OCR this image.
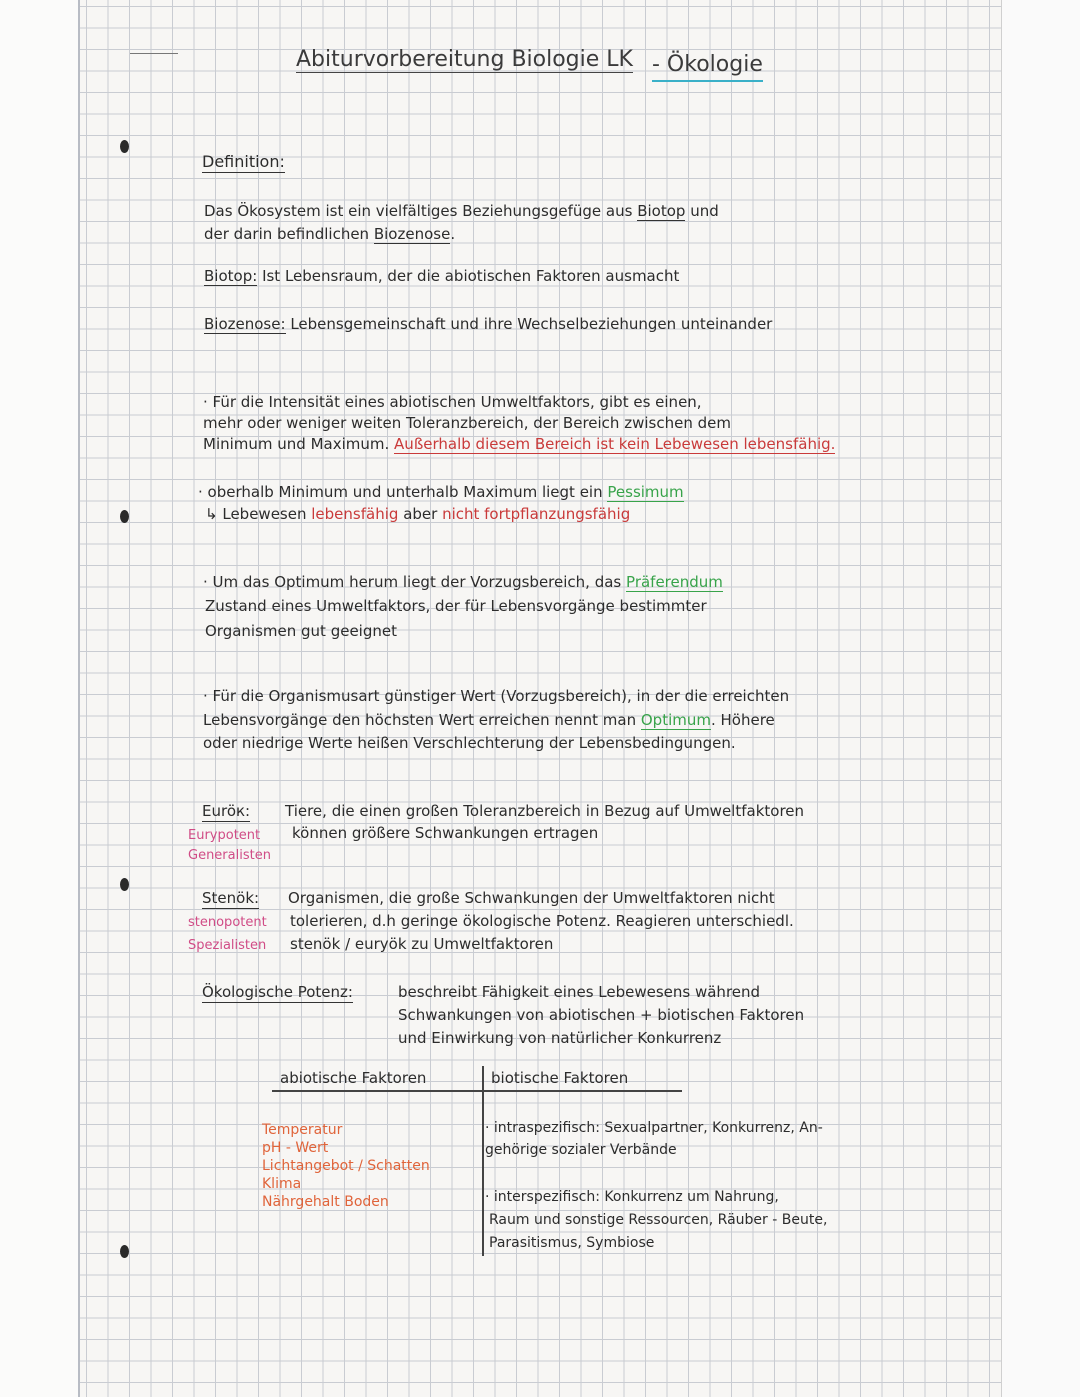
Abiturvorbereitung Biologie LK - Ökologie
Definition:
Das Ökosystem ist ein vielfältiges Beziehungsgefüge aus Biotop und
der darin befindlichen Biozenose.
Biotop: Ist Lebensraum, der die abiotischen Faktoren ausmacht
Biozenose: Lebensgemeinschaft und ihre Wechselbeziehungen unteinander
· Für die Intensität eines abiotischen Umweltfaktors, gibt es einen,
mehr oder weniger weiten Toleranzbereich, der Bereich zwischen dem
Minimum und Maximum. Außerhalb diesem Bereich ist kein Lebewesen lebensfähig.
· oberhalb Minimum und unterhalb Maximum liegt ein Pessimum
↳ Lebewesen lebensfähig aber nicht fortpflanzungsfähig
· Um das Optimum herum liegt der Vorzugsbereich, das Präferendum
Zustand eines Umweltfaktors, der für Lebensvorgänge bestimmter
Organismen gut geeignet
· Für die Organismusart günstiger Wert (Vorzugsbereich), in der die erreichten
Lebensvorgänge den höchsten Wert erreichen nennt man Optimum. Höhere
oder niedrige Werte heißen Verschlechterung der Lebensbedingungen.
Euröк: Tiere, die einen großen Toleranzbereich in Bezug auf Umweltfaktoren
Eurypotent können größere Schwankungen ertragen
Generalisten
Stenök: Organismen, die große Schwankungen der Umweltfaktoren nicht
stenopotent tolerieren, d.h geringe ökologische Potenz. Reagieren unterschiedl.
Spezialisten stenök / euryök zu Umweltfaktoren
Ökologische Potenz:	beschreibt Fähigkeit eines Lebewesens während
Schwankungen von abiotischen + biotischen Faktoren
und Einwirkung von natürlicher Konkurrenz
abiotische Faktoren	biotische Faktoren
Temperatur
pH - Wert
Lichtangebot / Schatten
Klima
Nährgehalt Boden
· intraspezifisch: Sexualpartner, Konkurrenz, An-
gehörige sozialer Verbände
· interspezifisch: Konkurrenz um Nahrung,
Raum und sonstige Ressourcen, Räuber - Beute,
Parasitismus, Symbiose
